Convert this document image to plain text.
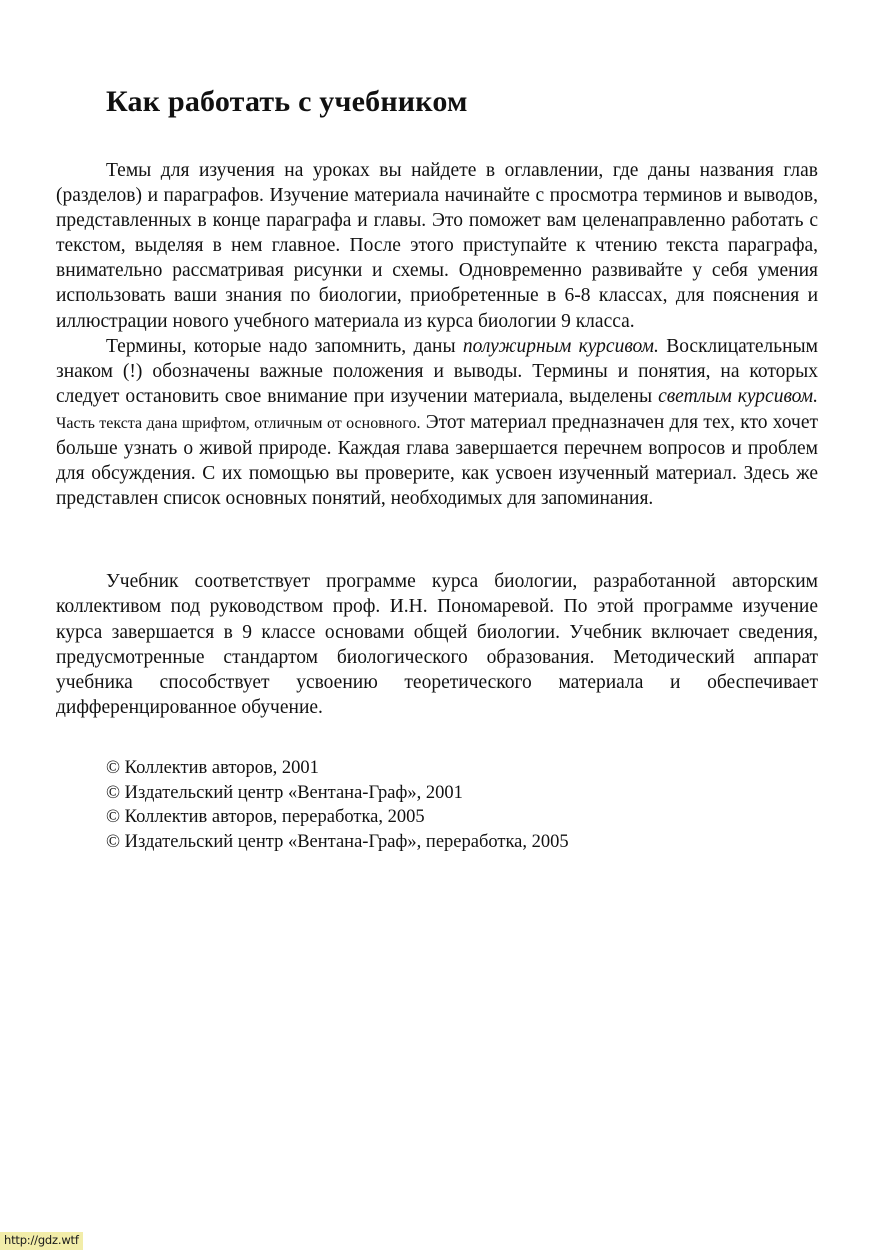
Как работать с учебником

Темы для изучения на уроках вы найдете в оглавлении, где даны названия глав (разделов) и параграфов. Изучение материала начинайте с просмотра терминов и выводов, представленных в конце параграфа и главы. Это поможет вам целенаправленно работать с текстом, выделяя в нем главное. После этого приступайте к чтению текста параграфа, внимательно рассматривая рисунки и схемы. Одновременно развивайте у себя умения использовать ваши знания по биологии, приобретенные в 6-8 классах, для пояснения и иллюстрации нового учебного материала из курса биологии 9 класса.

Термины, которые надо запомнить, даны полужирным курсивом. Восклицательным знаком (!) обозначены важные положения и выводы. Термины и понятия, на которых следует остановить свое внимание при изучении материала, выделены светлым курсивом. Часть текста дана шрифтом, отличным от основного. Этот материал предназначен для тех, кто хочет больше узнать о живой природе. Каждая глава завершается перечнем вопросов и проблем для обсуждения. С их помощью вы проверите, как усвоен изученный материал. Здесь же представлен список основных понятий, необходимых для запоминания.

Учебник соответствует программе курса биологии, разработанной авторским коллективом под руководством проф. И.Н. Пономаревой. По этой программе изучение курса завершается в 9 классе основами общей биологии. Учебник включает сведения, предусмотренные стандартом биологического образования. Методический аппарат учебника способствует усвоению теоретического материала и обеспечивает дифференцированное обучение.

© Коллектив авторов, 2001
© Издательский центр «Вентана-Граф», 2001
© Коллектив авторов, переработка, 2005
© Издательский центр «Вентана-Граф», переработка, 2005
http://gdz.wtf
